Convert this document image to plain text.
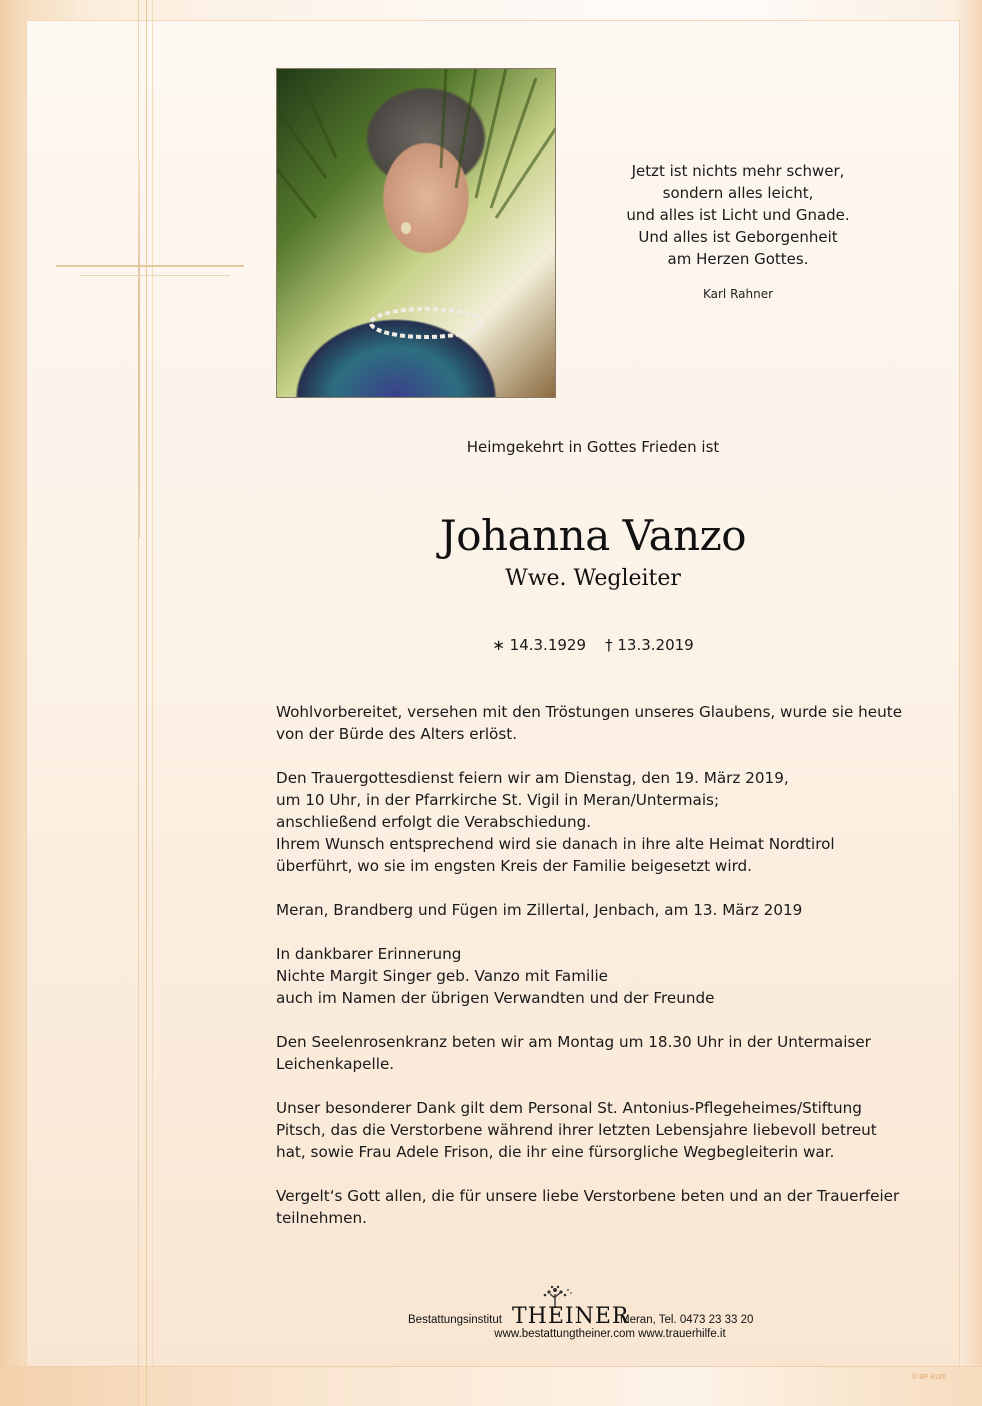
Jetzt ist nichts mehr schwer,
sondern alles leicht,
und alles ist Licht und Gnade.
Und alles ist Geborgenheit
am Herzen Gottes.
Karl Rahner
Heimgekehrt in Gottes Frieden ist
Johanna Vanzo
Wwe. Wegleiter
∗ 14.3.1929 † 13.3.2019

Wohlvorbereitet, versehen mit den Tröstungen unseres Glaubens, wurde sie heute
von der Bürde des Alters erlöst.

Den Trauergottesdienst feiern wir am Dienstag, den 19. März 2019,
um 10 Uhr, in der Pfarrkirche St. Vigil in Meran/Untermais;
anschließend erfolgt die Verabschiedung.
Ihrem Wunsch entsprechend wird sie danach in ihre alte Heimat Nordtirol
überführt, wo sie im engsten Kreis der Familie beigesetzt wird.

Meran, Brandberg und Fügen im Zillertal, Jenbach, am 13. März 2019

In dankbarer Erinnerung
Nichte Margit Singer geb. Vanzo mit Familie
auch im Namen der übrigen Verwandten und der Freunde

Den Seelenrosenkranz beten wir am Montag um 18.30 Uhr in der Untermaiser
Leichenkapelle.

Unser besonderer Dank gilt dem Personal St. Antonius-Pflegeheimes/Stiftung
Pitsch, das die Verstorbene während ihrer letzten Lebensjahre liebevoll betreut
hat, sowie Frau Adele Frison, die ihr eine fürsorgliche Wegbegleiterin war.

Vergelt‘s Gott allen, die für unsere liebe Verstorbene beten und an der Trauerfeier
teilnehmen.

Bestattungsinstitut THEINER
Meran, Tel. 0473 23 33 20
www.bestattungtheiner.com www.trauerhilfe.it
© BP 9126
